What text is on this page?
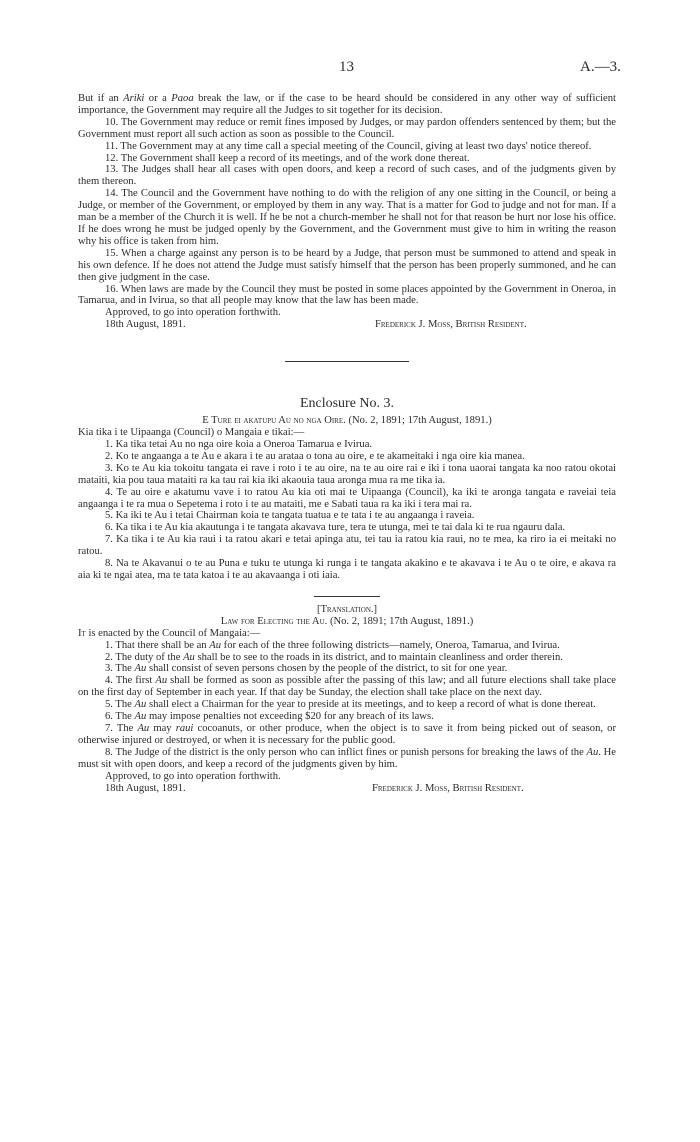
13	A.—3.

But if an Ariki or a Paoa break the law, or if the case to be heard should be considered in any other way of sufficient importance, the Government may require all the Judges to sit together for its decision.

10. The Government may reduce or remit fines imposed by Judges, or may pardon offenders sentenced by them; but the Government must report all such action as soon as possible to the Council.

11. The Government may at any time call a special meeting of the Council, giving at least two days' notice thereof.

12. The Government shall keep a record of its meetings, and of the work done thereat.

13. The Judges shall hear all cases with open doors, and keep a record of such cases, and of the judgments given by them thereon.

14. The Council and the Government have nothing to do with the religion of any one sitting in the Council, or being a Judge, or member of the Government, or employed by them in any way. That is a matter for God to judge and not for man. If a man be a member of the Church it is well. If he be not a church-member he shall not for that reason be hurt nor lose his office. If he does wrong he must be judged openly by the Government, and the Government must give to him in writing the reason why his office is taken from him.

15. When a charge against any person is to be heard by a Judge, that person must be summoned to attend and speak in his own defence. If he does not attend the Judge must satisfy himself that the person has been properly summoned, and he can then give judgment in the case.

16. When laws are made by the Council they must be posted in some places appointed by the Government in Oneroa, in Tamarua, and in Ivirua, so that all people may know that the law has been made.

Approved, to go into operation forthwith.

18th August, 1891.	Frederick J. Moss, British Resident.
Enclosure No. 3.

E Ture ei akatupu Au no nga Oire. (No. 2, 1891; 17th August, 1891.)

Kia tika i te Uipaanga (Council) o Mangaia e tikai:—

1. Ka tika tetai Au no nga oire koia a Oneroa Tamarua e Ivirua.

2. Ko te angaanga a te Au e akara i te au arataa o tona au oire, e te akameitaki i nga oire kia manea.

3. Ko te Au kia tokoitu tangata ei rave i roto i te au oire, na te au oire rai e iki i tona uaorai tangata ka noo ratou okotai mataiti, kia pou taua mataiti ra ka tau rai kia iki akaouia taua aronga mua ra me tika ia.

4. Te au oire e akatumu vave i to ratou Au kia oti mai te Uipaanga (Council), ka iki te aronga tangata e raveiai teia angaanga i te ra mua o Sepetema i roto i te au mataiti, me e Sabati taua ra ka iki i tera mai ra.

5. Ka iki te Au i tetai Chairman koia te tangata tuatua e te tata i te au angaanga i raveia.

6. Ka tika i te Au kia akautunga i te tangata akavava ture, tera te utunga, mei te tai dala ki te rua ngauru dala.

7. Ka tika i te Au kia raui i ta ratou akari e tetai apinga atu, tei tau ia ratou kia raui, no te mea, ka riro ia ei meitaki no ratou.

8. Na te Akavanui o te au Puna e tuku te utunga ki runga i te tangata akakino e te akavava i te Au o te oire, e akava ra aia ki te ngai atea, ma te tata katoa i te au akavaanga i oti iaia.

[Translation.]

Law for Electing the Au. (No. 2, 1891; 17th August, 1891.)

It is enacted by the Council of Mangaia:—

1. That there shall be an Au for each of the three following districts—namely, Oneroa, Tamarua, and Ivirua.

2. The duty of the Au shall be to see to the roads in its district, and to maintain cleanliness and order therein.

3. The Au shall consist of seven persons chosen by the people of the district, to sit for one year.

4. The first Au shall be formed as soon as possible after the passing of this law; and all future elections shall take place on the first day of September in each year. If that day be Sunday, the election shall take place on the next day.

5. The Au shall elect a Chairman for the year to preside at its meetings, and to keep a record of what is done thereat.

6. The Au may impose penalties not exceeding $20 for any breach of its laws.

7. The Au may raui cocoanuts, or other produce, when the object is to save it from being picked out of season, or otherwise injured or destroyed, or when it is necessary for the public good.

8. The Judge of the district is the only person who can inflict fines or punish persons for breaking the laws of the Au. He must sit with open doors, and keep a record of the judgments given by him.

Approved, to go into operation forthwith.

18th August, 1891.	Frederick J. Moss, British Resident.
